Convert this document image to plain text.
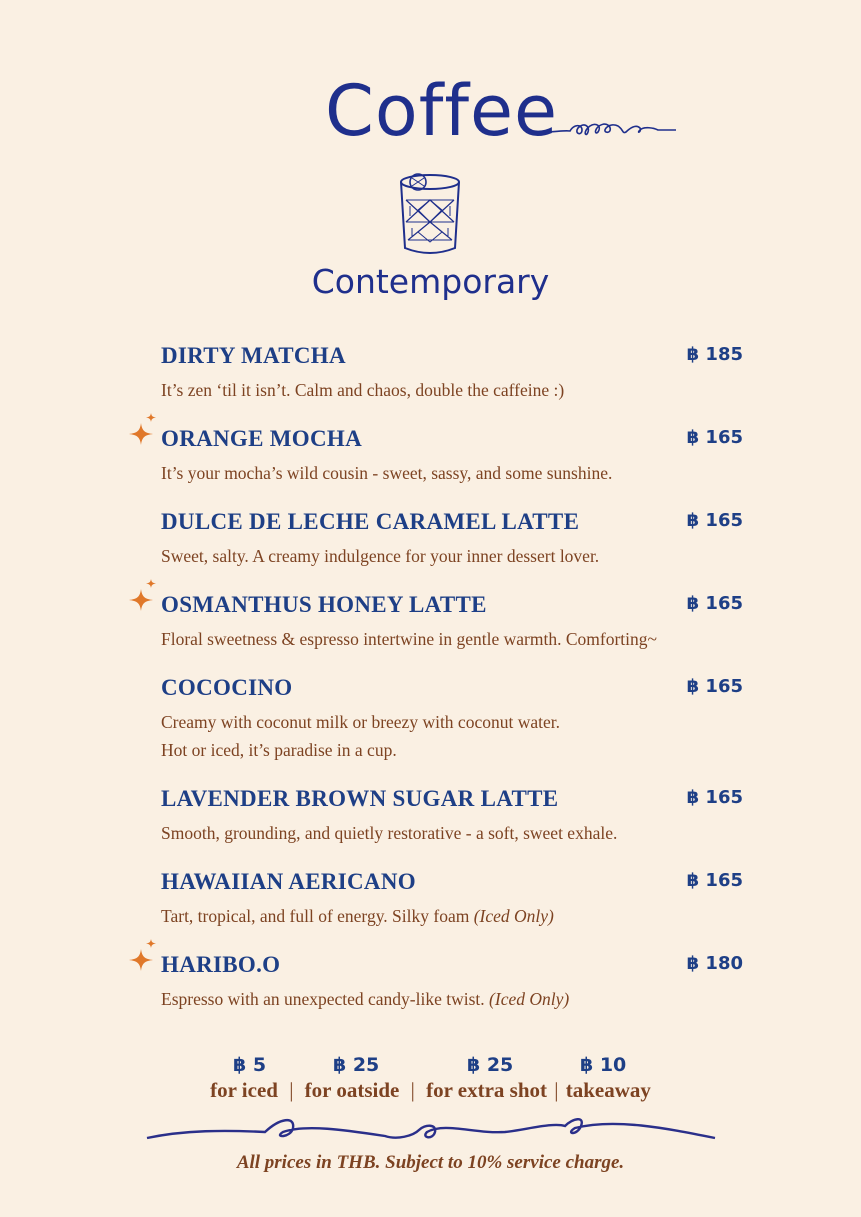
Coffee
Contemporary
DIRTY MATCHA	฿ 185
It’s zen ‘til it isn’t. Calm and chaos, double the caffeine :)
ORANGE MOCHA	฿ 165
It’s your mocha’s wild cousin - sweet, sassy, and some sunshine.
DULCE DE LECHE CARAMEL LATTE	฿ 165
Sweet, salty. A creamy indulgence for your inner dessert lover.
OSMANTHUS HONEY LATTE	฿ 165
Floral sweetness & espresso intertwine in gentle warmth. Comforting~
COCOCINO	฿ 165
Creamy with coconut milk or breezy with coconut water.
Hot or iced, it’s paradise in a cup.
LAVENDER BROWN SUGAR LATTE	฿ 165
Smooth, grounding, and quietly restorative - a soft, sweet exhale.
HAWAIIAN AERICANO	฿ 165
Tart, tropical, and full of energy. Silky foam (Iced Only)
HARIBO.O	฿ 180
Espresso with an unexpected candy-like twist. (Iced Only)
฿ 5	฿ 25	฿ 25	฿ 10
for iced | for oatside | for extra shot | takeaway
All prices in THB. Subject to 10% service charge.
